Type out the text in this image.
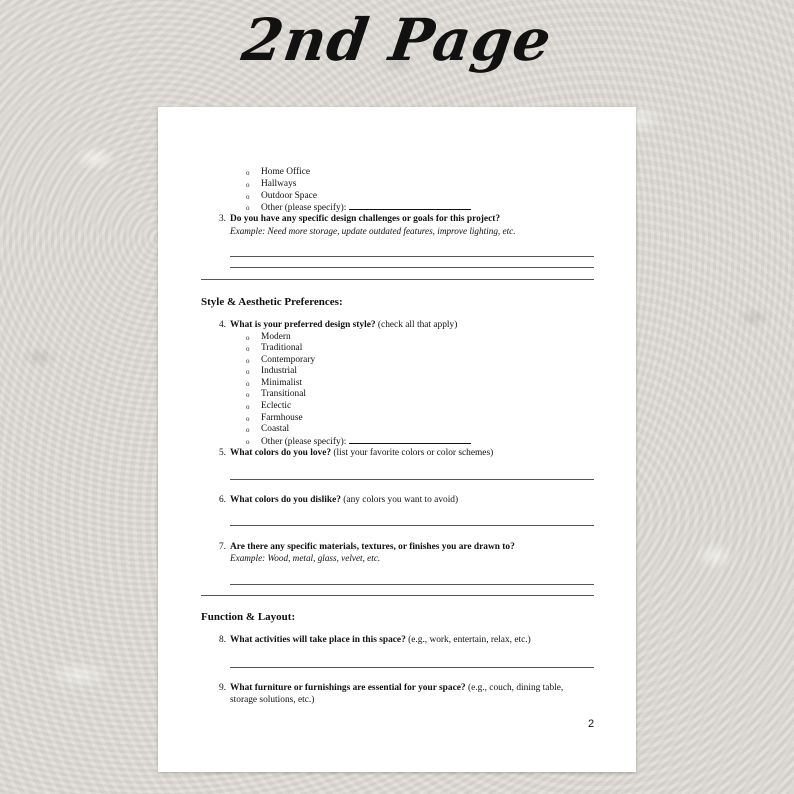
2nd Page
o Home Office
o Hallways
o Outdoor Space
o Other (please specify):
3. Do you have any specific design challenges or goals for this project?
Example: Need more storage, update outdated features, improve lighting, etc.
Style & Aesthetic Preferences:
4. What is your preferred design style? (check all that apply)
o Modern
o Traditional
o Contemporary
o Industrial
o Minimalist
o Transitional
o Eclectic
o Farmhouse
o Coastal
o Other (please specify):
5. What colors do you love? (list your favorite colors or color schemes)
6. What colors do you dislike? (any colors you want to avoid)
7. Are there any specific materials, textures, or finishes you are drawn to?
Example: Wood, metal, glass, velvet, etc.
Function & Layout:
8. What activities will take place in this space? (e.g., work, entertain, relax, etc.)
9. What furniture or furnishings are essential for your space? (e.g., couch, dining table,
storage solutions, etc.)
2
